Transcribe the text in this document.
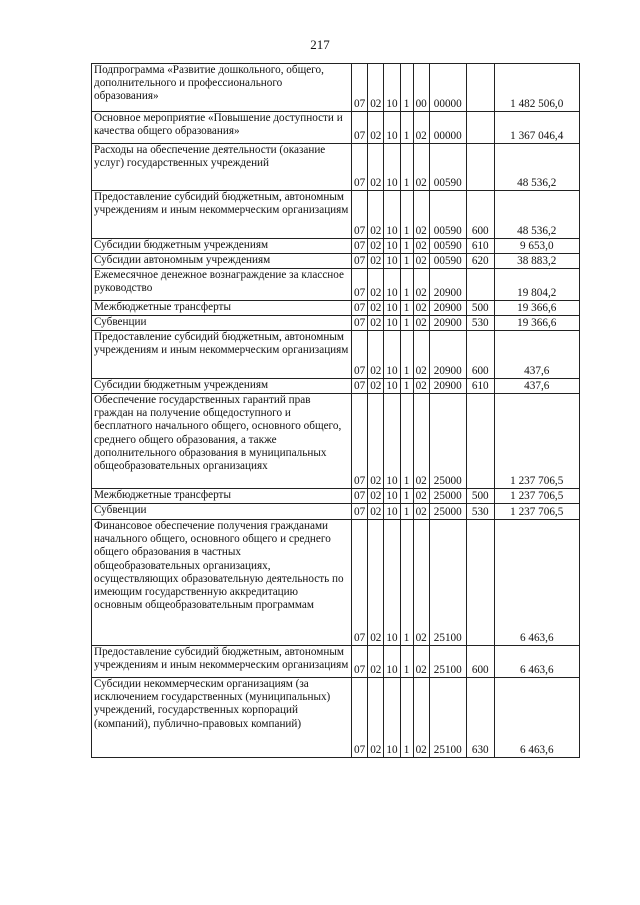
217
Подпрограмма «Развитие дошкольного, общего, дополнительного и профессионального образования»	07	02	10	1	00	00000		1 482 506,0
Основное мероприятие «Повышение доступности и качества общего образования»	07	02	10	1	02	00000		1 367 046,4
Расходы на обеспечение деятельности (оказание услуг) государственных учреждений	07	02	10	1	02	00590		48 536,2
Предоставление субсидий бюджетным, автономным учреждениям и иным некоммерческим организациям	07	02	10	1	02	00590	600	48 536,2
Субсидии бюджетным учреждениям	07	02	10	1	02	00590	610	9 653,0
Субсидии автономным учреждениям	07	02	10	1	02	00590	620	38 883,2
Ежемесячное денежное вознаграждение за классное руководство	07	02	10	1	02	20900		19 804,2
Межбюджетные трансферты	07	02	10	1	02	20900	500	19 366,6
Субвенции	07	02	10	1	02	20900	530	19 366,6
Предоставление субсидий бюджетным, автономным учреждениям и иным некоммерческим организациям	07	02	10	1	02	20900	600	437,6
Субсидии бюджетным учреждениям	07	02	10	1	02	20900	610	437,6
Обеспечение государственных гарантий прав граждан на получение общедоступного и бесплатного начального общего, основного общего, среднего общего образования, а также дополнительного образования в муниципальных общеобразовательных организациях	07	02	10	1	02	25000		1 237 706,5
Межбюджетные трансферты	07	02	10	1	02	25000	500	1 237 706,5
Субвенции	07	02	10	1	02	25000	530	1 237 706,5
Финансовое обеспечение получения гражданами начального общего, основного общего и среднего общего образования в частных общеобразовательных организациях, осуществляющих образовательную деятельность по имеющим государственную аккредитацию основным общеобразовательным программам	07	02	10	1	02	25100		6 463,6
Предоставление субсидий бюджетным, автономным учреждениям и иным некоммерческим организациям	07	02	10	1	02	25100	600	6 463,6
Субсидии некоммерческим организациям (за исключением государственных (муниципальных) учреждений, государственных корпораций (компаний), публично-правовых компаний)	07	02	10	1	02	25100	630	6 463,6
